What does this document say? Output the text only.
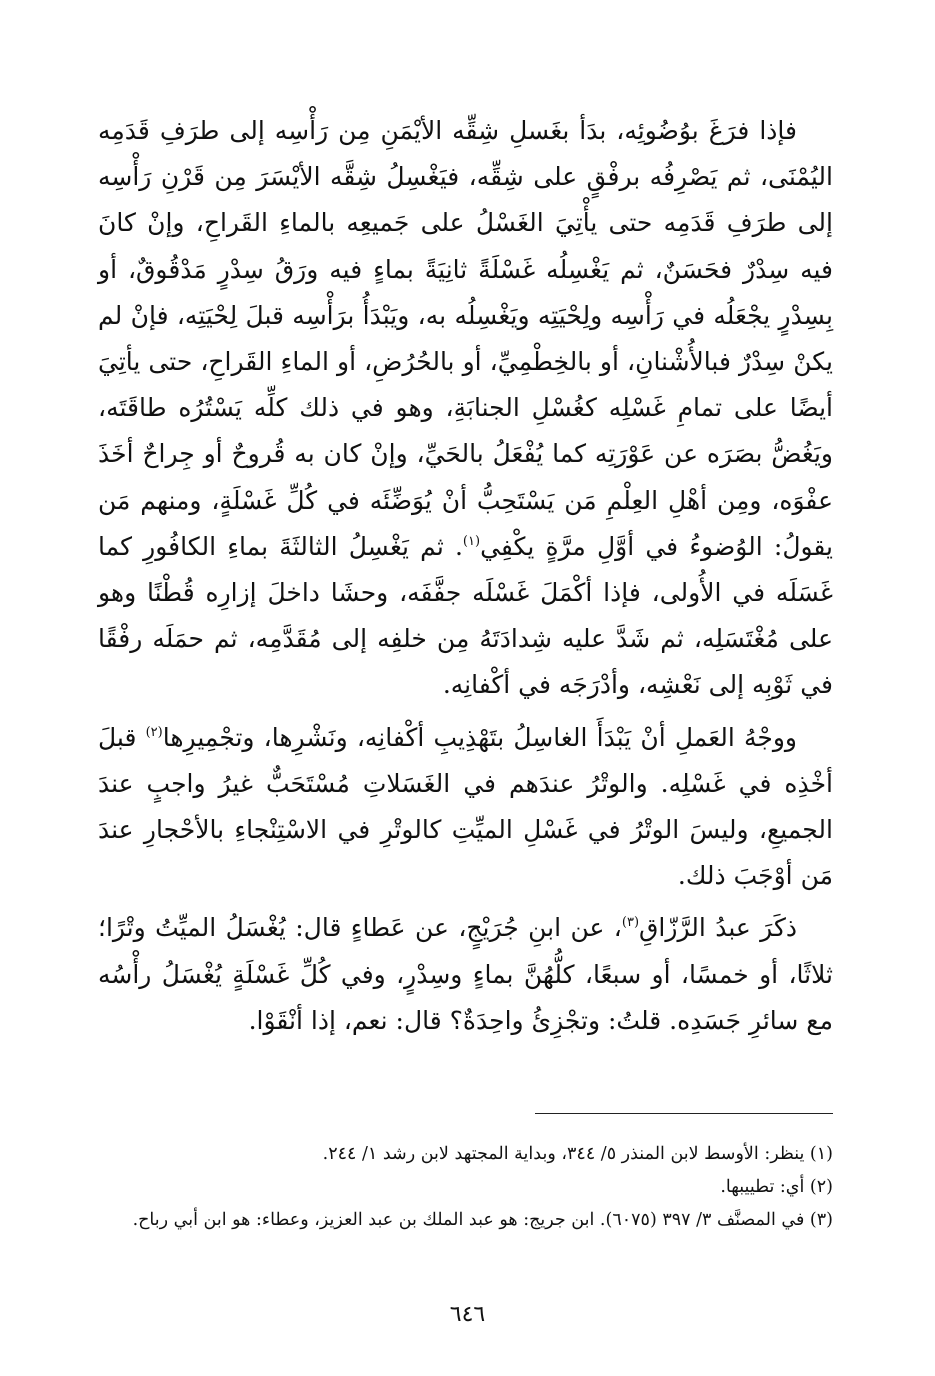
فإذا فرَغَ بوُضُوئِه، بدَأ بغَسلِ شِقِّه الأيْمَنِ مِن رَأْسِه إلى طرَفِ قَدَمِه اليُمْنَى، ثم يَصْرِفُه برفْقٍ على شِقِّه، فيَغْسِلُ شِقَّه الأيْسَرَ مِن قَرْنِ رَأْسِه إلى طرَفِ قَدَمِه حتى يأْتِيَ الغَسْلُ على جَميعِه بالماءِ القَراحِ، وإنْ كانَ فيه سِدْرٌ فحَسَنٌ، ثم يَغْسِلُه غَسْلَةً ثانِيَةً بماءٍ فيه ورَقُ سِدْرٍ مَدْقُوقٌ، أو بِسِدْرٍ يجْعَلُه في رَأْسِه ولِحْيَتِه ويَغْسِلُه به، ويَبْدَأُ برَأْسِه قبلَ لِحْيَتِه، فإنْ لم يكنْ سِدْرٌ فبالأُشْنانِ، أو بالخِطْمِيِّ، أو بالحُرُضِ، أو الماءِ القَراحِ، حتى يأتِيَ أيضًا على تمامِ غَسْلِه كغُسْلِ الجنابَةِ، وهو في ذلك كلِّه يَسْتُرُه طاقَتَه، ويَغُضُّ بصَرَه عن عَوْرَتِه كما يُفْعَلُ بالحَيِّ، وإنْ كان به قُروحٌ أو جِراحٌ أخَذَ عفْوَه، ومِن أهْلِ العِلْمِ مَن يَسْتَحِبُّ أنْ يُوَضِّئَه في كُلِّ غَسْلَةٍ، ومنهم مَن يقولُ: الوُضوءُ في أوَّلِ مرَّةٍ يكْفِي$^{(١)}$. ثم يَغْسِلُ الثالثَةَ بماءِ الكافُورِ كما غَسَلَه في الأُولى، فإذا أكْمَلَ غَسْلَه جفَّفَه، وحشَا داخلَ إزارِه قُطْنًا وهو على مُغْتَسَلِه، ثم شَدَّ عليه شِدادَتَهُ مِن خلفِه إلى مُقَدَّمِه، ثم حمَلَه رفْقًا في ثَوْبِه إلى نَعْشِه، وأدْرَجَه في أكْفانِه.

ووجْهُ العَملِ أنْ يَبْدَأَ الغاسِلُ بتَهْذِيبِ أكْفانِه، ونَشْرِها، وتجْمِيرِها$^{(٢)}$ قبلَ أخْذِه في غَسْلِه. والوتْرُ عندَهم في الغَسَلاتِ مُسْتَحَبٌّ غيرُ واجبٍ عندَ الجميعِ، وليسَ الوتْرُ في غَسْلِ الميِّتِ كالوتْرِ في الاسْتِنْجاءِ بالأحْجارِ عندَ مَن أوْجَبَ ذلك.

ذكَرَ عبدُ الرَّزّاقِ$^{(٣)}$، عن ابنِ جُرَيْجٍ، عن عَطاءٍ قال: يُغْسَلُ الميِّتُ وتْرًا؛ ثلاثًا، أو خمسًا، أو سبعًا، كلُّهُنَّ بماءٍ وسِدْرٍ، وفي كُلِّ غَسْلَةٍ يُغْسَلُ رأْسُه مع سائرِ جَسَدِه. قلتُ: وتجْزِئُ واحِدَةٌ؟ قال: نعم، إذا أنْقَوْا.

(١) ينظر: الأوسط لابن المنذر ٥/ ٣٤٤، وبداية المجتهد لابن رشد ١/ ٢٤٤.

(٢) أي: تطييبها.

(٣) في المصنَّف ٣/ ٣٩٧ (٦٠٧٥). ابن جريج: هو عبد الملك بن عبد العزيز، وعطاء: هو ابن أبي رباح.

٦٤٦
